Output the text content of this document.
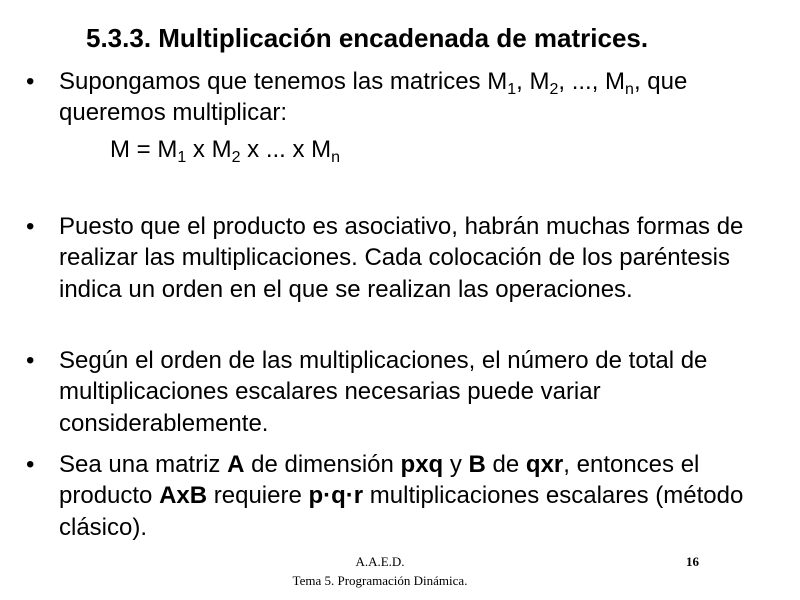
5.3.3. Multiplicación encadenada de matrices.
•	Supongamos que tenemos las matrices $M_1$, $M_2$, ..., $M_n$, que queremos multiplicar:
$M = M_1$ x $M_2$ x ... x $M_n$
•	Puesto que el producto es asociativo, habrán muchas formas de realizar las multiplicaciones. Cada colocación de los paréntesis indica un orden en el que se realizan las operaciones.
•	Según el orden de las multiplicaciones, el número de total de multiplicaciones escalares necesarias puede variar considerablemente.
•	Sea una matriz A de dimensión pxq y B de qxr, entonces el producto AxB requiere p·q·r multiplicaciones escalares (método clásico).
A.A.E.D.
Tema 5. Programación Dinámica.
16
